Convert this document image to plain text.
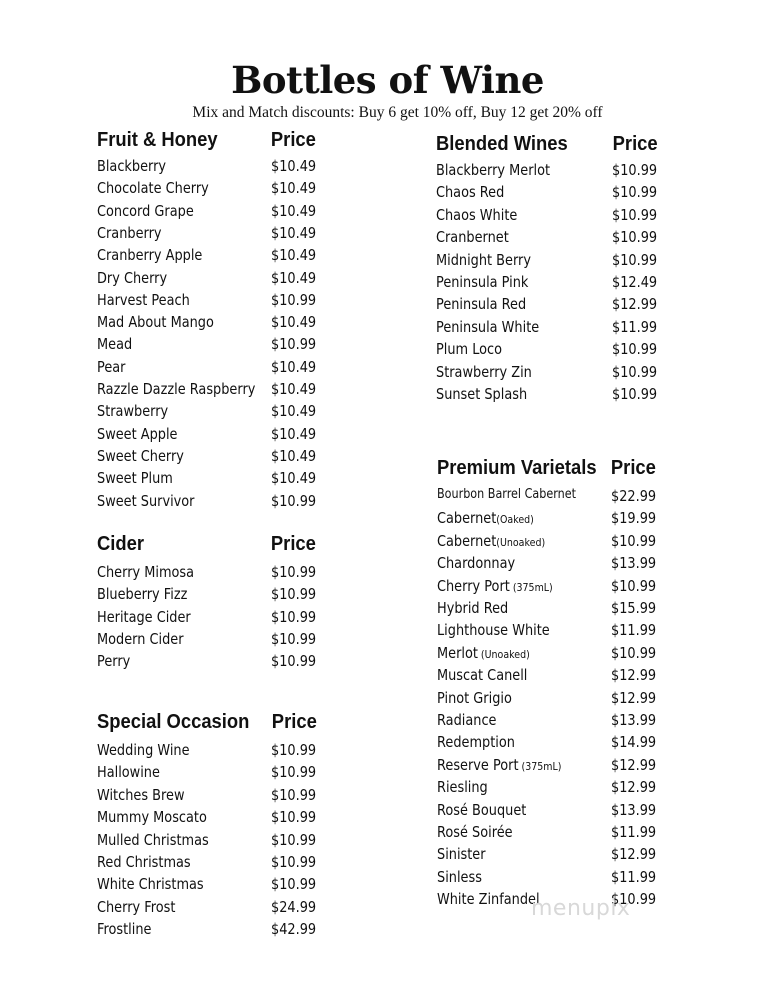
Bottles of Wine

Mix and Match discounts: Buy 6 get 10% off, Buy 12 get 20% off

Fruit & Honey	Price
Blackberry	$10.49
Chocolate Cherry	$10.49
Concord Grape	$10.49
Cranberry	$10.49
Cranberry Apple	$10.49
Dry Cherry	$10.49
Harvest Peach	$10.99
Mad About Mango	$10.49
Mead	$10.99
Pear	$10.49
Razzle Dazzle Raspberry $10.49
Strawberry	$10.49
Sweet Apple	$10.49
Sweet Cherry	$10.49
Sweet Plum	$10.49
Sweet Survivor	$10.99
Cider	Price
Cherry Mimosa	$10.99
Blueberry Fizz	$10.99
Heritage Cider	$10.99
Modern Cider	$10.99
Perry	$10.99
Special Occasion Price
Wedding Wine	$10.99
Hallowine	$10.99
Witches Brew	$10.99
Mummy Moscato	$10.99
Mulled Christmas	$10.99
Red Christmas	$10.99
White Christmas	$10.99
Cherry Frost	$24.99
Frostline	$42.99
Blended Wines Price
Blackberry Merlot	$10.99
Chaos Red	$10.99
Chaos White	$10.99
Cranbernet	$10.99
Midnight Berry	$10.99
Peninsula Pink	$12.49
Peninsula Red	$12.99
Peninsula White	$11.99
Plum Loco	$10.99
Strawberry Zin	$10.99
Sunset Splash	$10.99
Premium Varietals Price
Bourbon Barrel Cabernet $22.99
Cabernet(Oaked)	$19.99
Cabernet(Unoaked)	$10.99
Chardonnay	$13.99
Cherry Port (375mL)	$10.99
Hybrid Red	$15.99
Lighthouse White	$11.99
Merlot (Unoaked)	$10.99
Muscat Canell	$12.99
Pinot Grigio	$12.99
Radiance	$13.99
Redemption	$14.99
Reserve Port (375mL)	$12.99
Riesling	$12.99
Rosé Bouquet	$13.99
Rosé Soirée	$11.99
Sinister	$12.99
Sinless	$11.99
White Zinfandel	$10.99
menupix
